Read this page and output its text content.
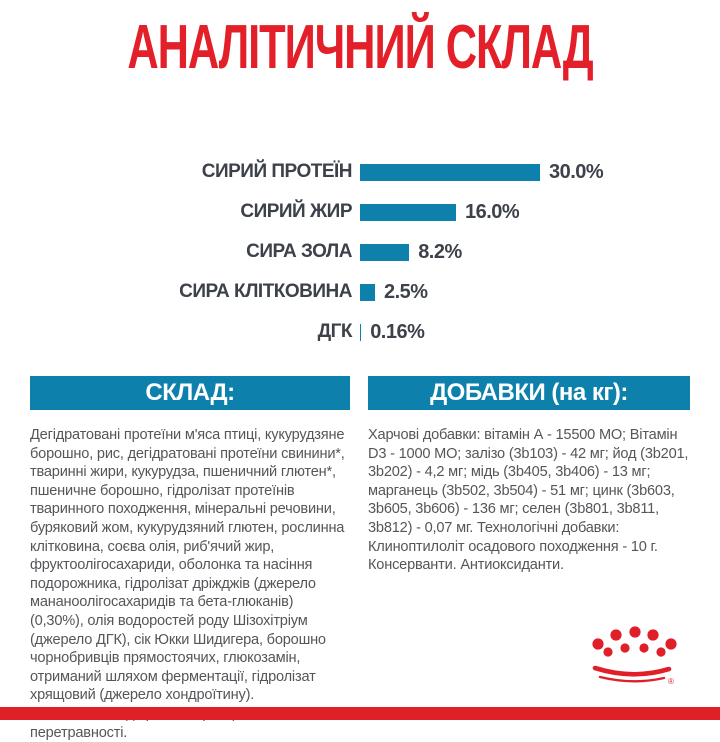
АНАЛІТИЧНИЙ СКЛАД
СИРИЙ ПРОТЕЇН	30.0%
СИРИЙ ЖИР	16.0%
СИРА ЗОЛА	8.2%
СИРА КЛІТКОВИНА 2.5%
ДГК 0.16%
СКЛАД:

Дегідратовані протеїни м'яса птиці, кукурудзяне борошно, рис, дегідратовані протеїни свинини*, тваринні жири, кукурудза, пшеничний глютен*, пшеничне борошно, гідролізат протеїнів тваринного походження, мінеральні речовини, буряковий жом, кукурудзяний глютен, рослинна клітковина, соєва олія, риб'ячий жир, фруктоолігосахариди, оболонка та насіння подорожника, гідролізат дріжджів (джерело мананоолігосахаридів та бета-глюканів) (0,30%), олія водоростей роду Шізохітріум (джерело ДГК), сік Юкки Шидигера, борошно чорнобривців прямостоячих, глюкозамін, отриманий шляхом ферментації, гідролізат хрящовий (джерело хондроїтину).

перетравності.

ДОБАВКИ (на кг):

Харчові добавки: вітамін А - 15500 МО; Вітамін D3 - 1000 МО; залізо (3b103) - 42 мг; йод (3b201, 3b202) - 4,2 мг; мідь (3b405, 3b406) - 13 мг; марганець (3b502, 3b504) - 51 мг; цинк (3b603, 3b605, 3b606) - 136 мг; селен (3b801, 3b811, 3b812) - 0,07 мг. Технологічні добавки: Клиноптилоліт осадового походження - 10 г. Консерванти. Антиоксиданти.

®
